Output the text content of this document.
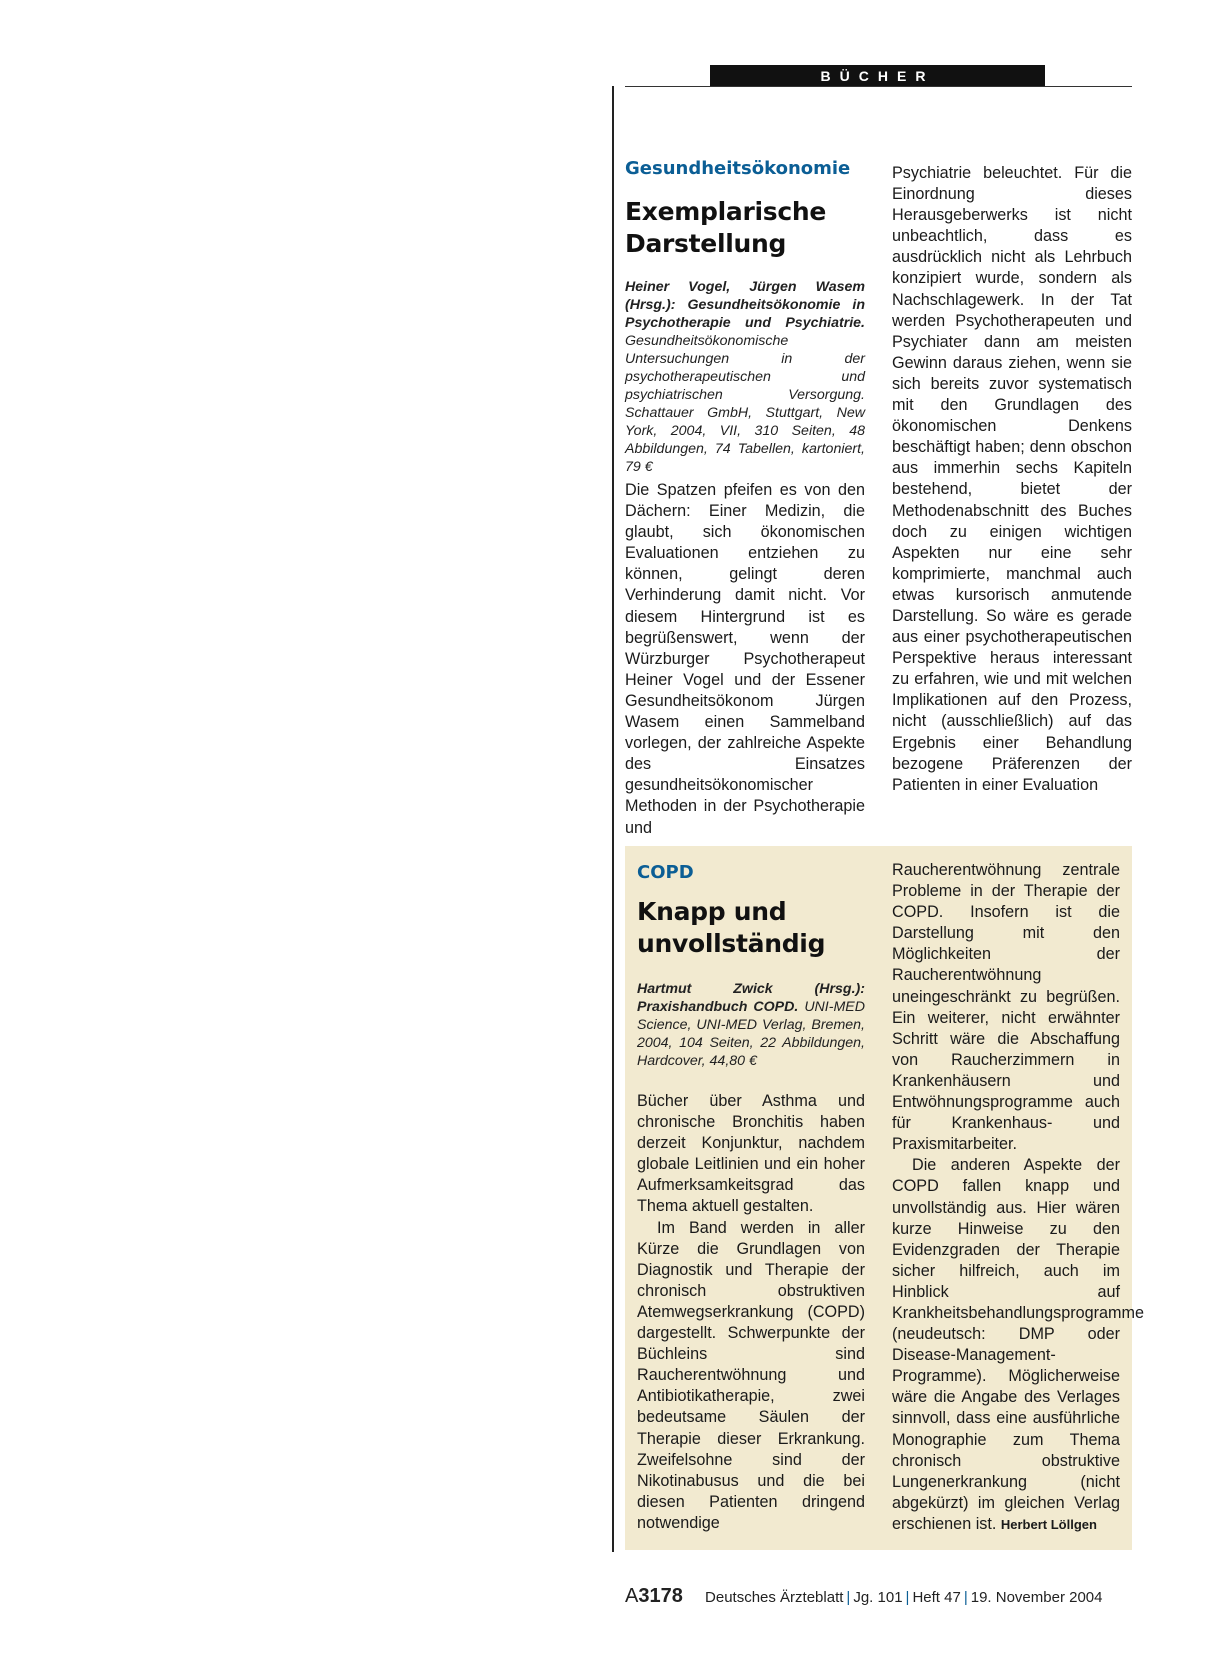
BÜCHER
Gesundheitsökonomie
Exemplarische
Darstellung
Heiner Vogel, Jürgen Wasem (Hrsg.): Gesundheitsökonomie in Psychotherapie und Psychiatrie. Gesundheitsökonomische Untersuchungen in der psychotherapeutischen und psychiatrischen Versorgung. Schattauer GmbH, Stuttgart, New York, 2004, VII, 310 Seiten, 48 Abbildungen, 74 Tabellen, kartoniert, 79 €

Die Spatzen pfeifen es von den Dächern: Einer Medizin, die glaubt, sich ökonomischen Evaluationen entziehen zu können, gelingt deren Verhinderung damit nicht. Vor diesem Hintergrund ist es begrüßenswert, wenn der Würzburger Psychotherapeut Heiner Vogel und der Essener Gesundheitsökonom Jürgen Wasem einen Sammelband vorlegen, der zahlreiche Aspekte des Einsatzes gesundheitsökonomischer Methoden in der Psychotherapie und

Psychiatrie beleuchtet. Für die Einordnung dieses Herausgeberwerks ist nicht unbeachtlich, dass es ausdrücklich nicht als Lehrbuch konzipiert wurde, sondern als Nachschlagewerk. In der Tat werden Psychotherapeuten und Psychiater dann am meisten Gewinn daraus ziehen, wenn sie sich bereits zuvor systematisch mit den Grundlagen des ökonomischen Denkens beschäftigt haben; denn obschon aus immerhin sechs Kapiteln bestehend, bietet der Methodenabschnitt des Buches doch zu einigen wichtigen Aspekten nur eine sehr komprimierte, manchmal auch etwas kursorisch anmutende Darstellung. So wäre es gerade aus einer psychotherapeutischen Perspektive heraus interessant zu erfahren, wie und mit welchen Implikationen auf den Prozess, nicht (ausschließlich) auf das Ergebnis einer Behandlung bezogene Präferenzen der Patienten in einer Evaluation

COPD
Knapp und
unvollständig
Hartmut Zwick (Hrsg.): Praxishandbuch COPD. UNI-MED Science, UNI-MED Verlag, Bremen, 2004, 104 Seiten, 22 Abbildungen, Hardcover, 44,80 €

Bücher über Asthma und chronische Bronchitis haben derzeit Konjunktur, nachdem globale Leitlinien und ein hoher Aufmerksamkeitsgrad das Thema aktuell gestalten.

Im Band werden in aller Kürze die Grundlagen von Diagnostik und Therapie der chronisch obstruktiven Atemwegserkrankung (COPD) dargestellt. Schwerpunkte der Büchleins sind Raucherentwöhnung und Antibiotikatherapie, zwei bedeutsame Säulen der Therapie dieser Erkrankung. Zweifelsohne sind der Nikotinabusus und die bei diesen Patienten dringend notwendige

Raucherentwöhnung zentrale Probleme in der Therapie der COPD. Insofern ist die Darstellung mit den Möglichkeiten der Raucherentwöhnung uneingeschränkt zu begrüßen. Ein weiterer, nicht erwähnter Schritt wäre die Abschaffung von Raucherzimmern in Krankenhäusern und Entwöhnungsprogramme auch für Krankenhaus- und Praxismitarbeiter.

Die anderen Aspekte der COPD fallen knapp und unvollständig aus. Hier wären kurze Hinweise zu den Evidenzgraden der Therapie sicher hilfreich, auch im Hinblick auf Krankheitsbehandlungsprogramme (neudeutsch: DMP oder Disease-Management-Programme). Möglicherweise wäre die Angabe des Verlages sinnvoll, dass eine ausführliche Monographie zum Thema chronisch obstruktive Lungenerkrankung (nicht abgekürzt) im gleichen Verlag erschienen ist. Herbert Löllgen

A3178 Deutsches Ärzteblatt | Jg. 101 | Heft 47 | 19. November 2004
